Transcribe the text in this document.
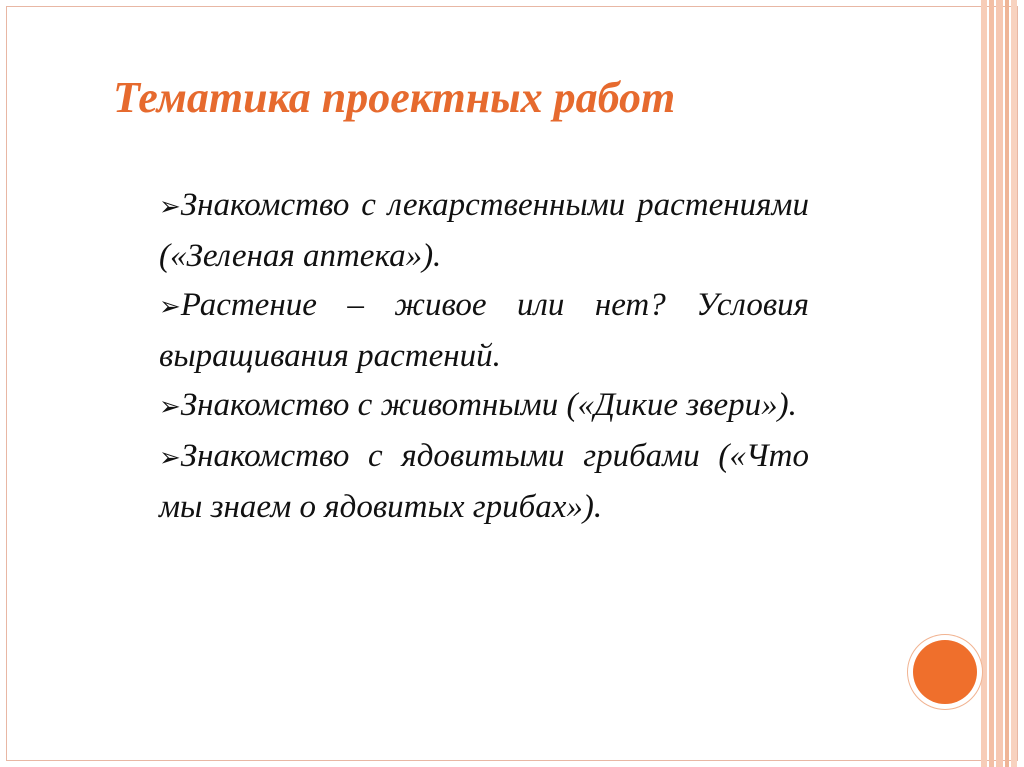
Тематика проектных работ

➢Знакомство с лекарственными растениями («Зеленая аптека»).

➢Растение – живое или нет? Условия выращивания растений.

➢Знакомство с животными («Дикие звери»).

➢Знакомство с ядовитыми грибами («Что мы знаем о ядовитых грибах»).
